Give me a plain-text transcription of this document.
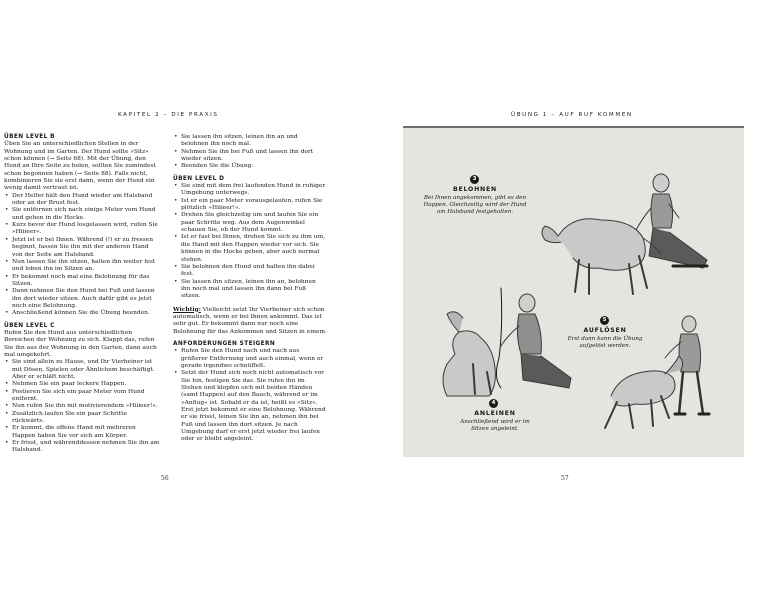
KAPITEL 2 – DIE PRAXIS

ÜBEN LEVEL B

Üben Sie an unterschiedlichen Stellen in der Wohnung und im Garten. Der Hund sollte »Sitz« schon können (→ Seite 68). Mit der Übung, den Hund an Ihre Seite zu holen, sollten Sie zumindest schon begonnen haben (→ Seite 88). Falls nicht, kombinieren Sie sie erst dann, wenn der Hund ein wenig damit vertraut ist.

• Der Helfer hält den Hund wieder am Halsband oder an der Brust fest.
• Sie entfernen sich nach einige Meter vom Hund und gehen in die Hocke.
• Kurz bevor der Hund losgelassen wird, rufen Sie »Hiiieer«.
• Jetzt ist er bei Ihnen. Während (!) er zu fressen beginnt, fassen Sie ihn mit der anderen Hand von der Seite am Halsband.
• Nun lassen Sie ihn sitzen, halten ihn weiter fest und loben ihn im Sitzen an.
• Er bekommt noch mal eine Belohnung für das Sitzen.
• Dann nehmen Sie den Hund bei Fuß und lassen ihn dort wieder sitzen. Auch dafür gibt es jetzt noch eine Belohnung.
• Anschließend können Sie die Übung beenden.

ÜBEN LEVEL C

Rufen Sie den Hund aus unterschiedlichen Bereichen der Wohnung zu sich. Klappt das, rufen Sie ihn aus der Wohnung in den Garten, dann auch mal umgekehrt.

• Sie sind allein zu Hause, und Ihr Vierbeiner ist mit Dösen, Spielen oder Ähnlichem beschäftigt. Aber er schläft nicht.
• Nehmen Sie ein paar leckere Happen.
• Postieren Sie sich ein paar Meter vom Hund entfernt.
• Nun rufen Sie ihn mit motivierendem »Hiiieer!«.
• Zusätzlich laufen Sie ein paar Schritte rückwärts.
• Er kommt, die offene Hand mit mehreren Happen haben Sie vor sich am Körper.
• Er frisst, und währenddessen nehmen Sie ihn am Halsband.
• Sie lassen ihn sitzen, leinen ihn an und belohnen ihn noch mal.
• Nehmen Sie ihn bei Fuß und lassen ihn dort wieder sitzen.
• Beenden Sie die Übung.

ÜBEN LEVEL D

• Sie sind mit dem frei laufenden Hund in ruhiger Umgebung unterwegs.
• Ist er ein paar Meter vorausgelaufen, rufen Sie plötzlich »Hiiieer!«.
• Drehen Sie gleichzeitig um und laufen Sie ein paar Schritte weg. Aus dem Augenwinkel schauen Sie, ob der Hund kommt.
• Ist er fast bei Ihnen, drehen Sie sich zu ihm um, die Hand mit den Happen wieder vor sich. Sie können in die Hocke gehen, aber auch normal stehen.
• Sie belohnen den Hund und halten ihn dabei fest.
• Sie lassen ihn sitzen, leinen ihn an, belohnen ihn noch mal und lassen ihn dann bei Fuß sitzen.

Wichtig: Vielleicht setzt Ihr Vierbeiner sich schon automatisch, wenn er bei Ihnen ankommt. Das ist sehr gut. Er bekommt dann nur noch eine Belohnung für das Ankommen und Sitzen in einem.

ANFORDERUNGEN STEIGERN

• Rufen Sie den Hund nach und nach aus größerer Entfernung und auch einmal, wenn er gerade irgendwo schnüffelt.
• Setzt der Hund sich noch nicht automatisch vor Sie hin, festigen Sie das. Sie rufen ihn im Stehen und klopfen sich mit beiden Händen (samt Happen) auf den Bauch, während er im »Anflug« ist. Sobald er da ist, heißt es »Sitz«. Erst jetzt bekommt er eine Belohnung. Während er sie frisst, leinen Sie ihn an, nehmen ihn bei Fuß und lassen ihn dort sitzen. Je nach Umgebung darf er erst jetzt wieder frei laufen oder er bleibt angeleint.
56
ÜBUNG 1 – AUF RUF KOMMEN
3
BELOHNEN
Bei Ihnen angekommen, gibt es den
Happen. Gleichzeitig wird der Hund
am Halsband festgehalten.
5
AUFLÖSEN
Erst dann kann die Übung
aufgelöst werden.
4
ANLEINEN
Anschließend wird er im
Sitzen angeleint.
57
